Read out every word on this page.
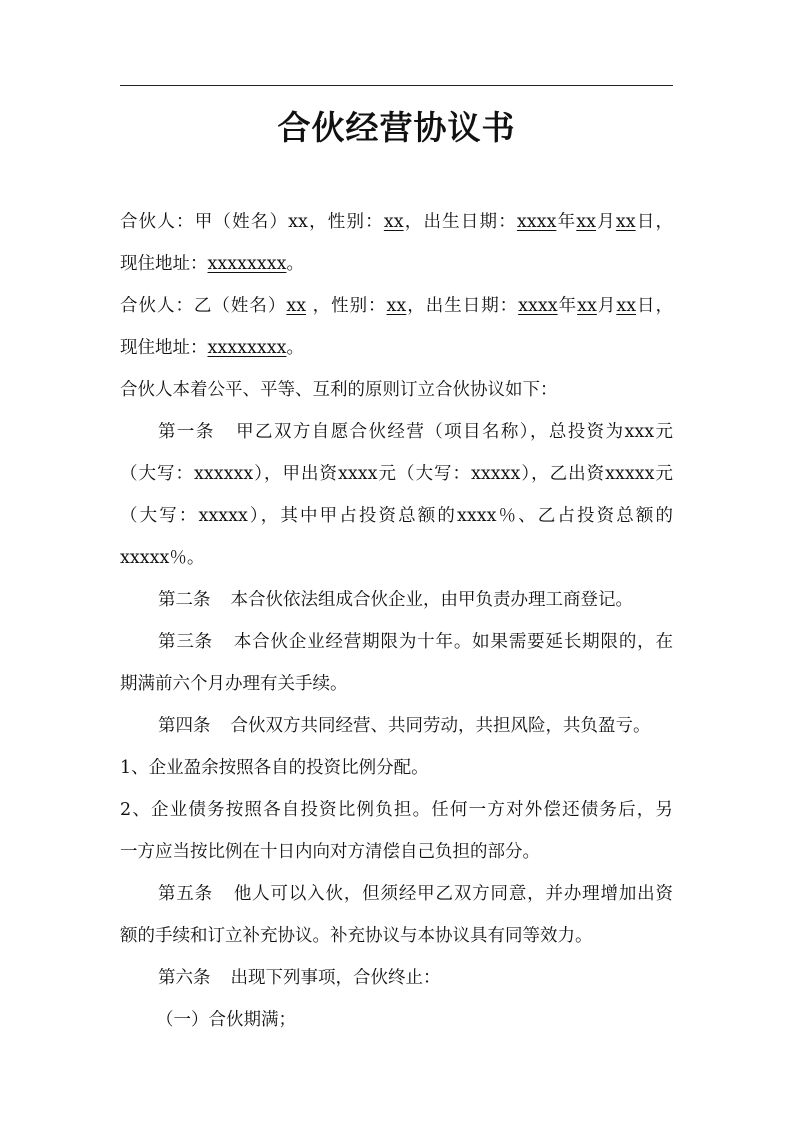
合伙经营协议书
合伙人：甲（姓名）xx，性别：xx，出生日期：xxxx年xx月xx日，
现住地址：xxxxxxxx。
合伙人：乙（姓名）xx ，性别：xx，出生日期：xxxx年xx月xx日，
现住地址：xxxxxxxx。
合伙人本着公平、平等、互利的原则订立合伙协议如下：
第一条 甲乙双方自愿合伙经营（项目名称），总投资为xxx元
（大写：xxxxxx），甲出资xxxx元（大写：xxxxx），乙出资xxxxx元
（大写：xxxxx），其中甲占投资总额的xxxx％、乙占投资总额的
xxxxx％。
第二条 本合伙依法组成合伙企业，由甲负责办理工商登记。
第三条 本合伙企业经营期限为十年。如果需要延长期限的，在
期满前六个月办理有关手续。
第四条 合伙双方共同经营、共同劳动，共担风险，共负盈亏。
1、企业盈余按照各自的投资比例分配。
2、企业债务按照各自投资比例负担。任何一方对外偿还债务后，另
一方应当按比例在十日内向对方清偿自己负担的部分。
第五条 他人可以入伙，但须经甲乙双方同意，并办理增加出资
额的手续和订立补充协议。补充协议与本协议具有同等效力。
第六条 出现下列事项，合伙终止：
（一）合伙期满；
